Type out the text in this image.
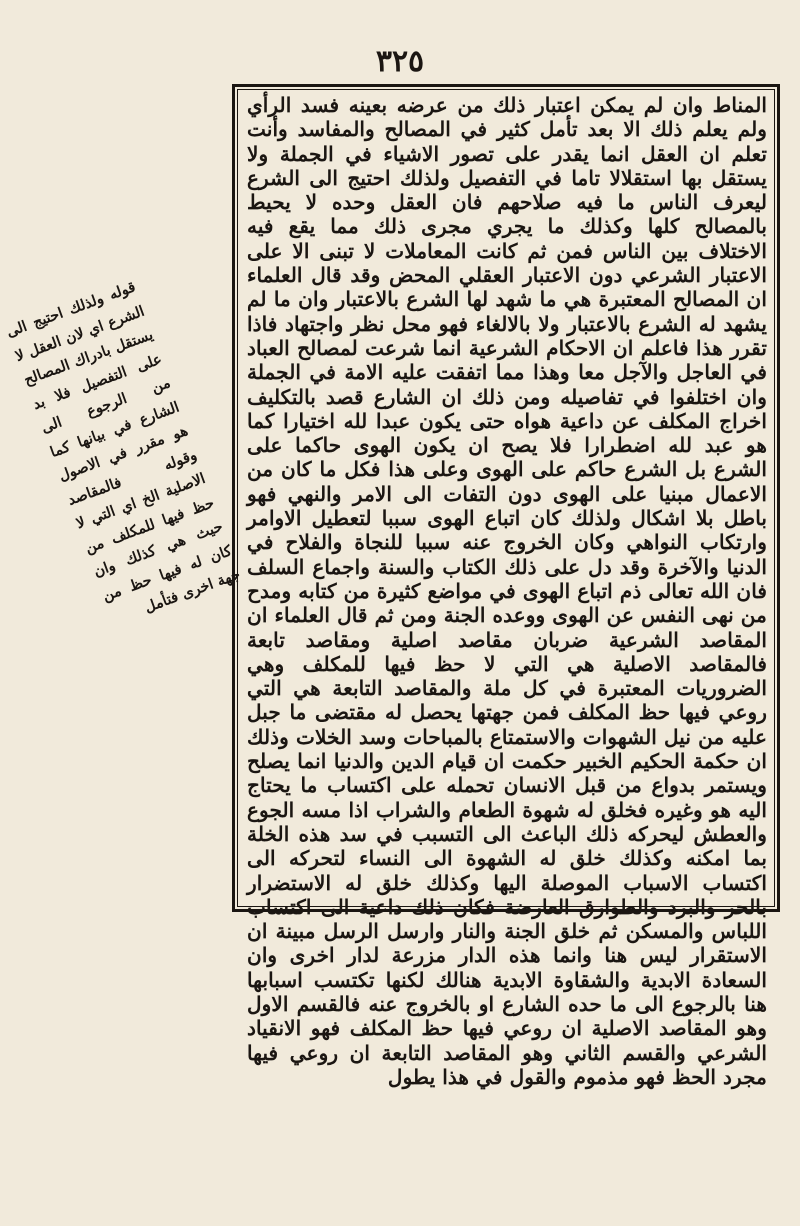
٣٢٥

قوله ولذلك احتيج الى الشرع اي لان العقل لا يستقل بادراك المصالح على التفصيل فلا بد من الرجوع الى الشارع في بيانها كما هو مقرر في الاصول وقوله فالمقاصد الاصلية الخ اي التي لا حظ فيها للمكلف من حيث هي كذلك وان كان له فيها حظ من جهة اخرى فتأمل

المناط وان لم يمكن اعتبار ذلك من عرضه بعينه فسد الرأي ولم يعلم ذلك الا بعد تأمل كثير في المصالح والمفاسد وأنت تعلم ان العقل انما يقدر على تصور الاشياء في الجملة ولا يستقل بها استقلالا تاما في التفصيل ولذلك احتيج الى الشرع ليعرف الناس ما فيه صلاحهم فان العقل وحده لا يحيط بالمصالح كلها وكذلك ما يجري مجرى ذلك مما يقع فيه الاختلاف بين الناس فمن ثم كانت المعاملات لا تبنى الا على الاعتبار الشرعي دون الاعتبار العقلي المحض وقد قال العلماء ان المصالح المعتبرة هي ما شهد لها الشرع بالاعتبار وان ما لم يشهد له الشرع بالاعتبار ولا بالالغاء فهو محل نظر واجتهاد فاذا تقرر هذا فاعلم ان الاحكام الشرعية انما شرعت لمصالح العباد في العاجل والآجل معا وهذا مما اتفقت عليه الامة في الجملة وان اختلفوا في تفاصيله ومن ذلك ان الشارع قصد بالتكليف اخراج المكلف عن داعية هواه حتى يكون عبدا لله اختيارا كما هو عبد لله اضطرارا فلا يصح ان يكون الهوى حاكما على الشرع بل الشرع حاكم على الهوى وعلى هذا فكل ما كان من الاعمال مبنيا على الهوى دون التفات الى الامر والنهي فهو باطل بلا اشكال ولذلك كان اتباع الهوى سببا لتعطيل الاوامر وارتكاب النواهي وكان الخروج عنه سببا للنجاة والفلاح في الدنيا والآخرة وقد دل على ذلك الكتاب والسنة واجماع السلف فان الله تعالى ذم اتباع الهوى في مواضع كثيرة من كتابه ومدح من نهى النفس عن الهوى ووعده الجنة ومن ثم قال العلماء ان المقاصد الشرعية ضربان مقاصد اصلية ومقاصد تابعة فالمقاصد الاصلية هي التي لا حظ فيها للمكلف وهي الضروريات المعتبرة في كل ملة والمقاصد التابعة هي التي روعي فيها حظ المكلف فمن جهتها يحصل له مقتضى ما جبل عليه من نيل الشهوات والاستمتاع بالمباحات وسد الخلات وذلك ان حكمة الحكيم الخبير حكمت ان قيام الدين والدنيا انما يصلح ويستمر بدواع من قبل الانسان تحمله على اكتساب ما يحتاج اليه هو وغيره فخلق له شهوة الطعام والشراب اذا مسه الجوع والعطش ليحركه ذلك الباعث الى التسبب في سد هذه الخلة بما امكنه وكذلك خلق له الشهوة الى النساء لتحركه الى اكتساب الاسباب الموصلة اليها وكذلك خلق له الاستضرار بالحر والبرد والطوارق العارضة فكان ذلك داعية الى اكتساب اللباس والمسكن ثم خلق الجنة والنار وارسل الرسل مبينة ان الاستقرار ليس هنا وانما هذه الدار مزرعة لدار اخرى وان السعادة الابدية والشقاوة الابدية هنالك لكنها تكتسب اسبابها هنا بالرجوع الى ما حده الشارع او بالخروج عنه فالقسم الاول وهو المقاصد الاصلية ان روعي فيها حظ المكلف فهو الانقياد الشرعي والقسم الثاني وهو المقاصد التابعة ان روعي فيها مجرد الحظ فهو مذموم والقول في هذا يطول
